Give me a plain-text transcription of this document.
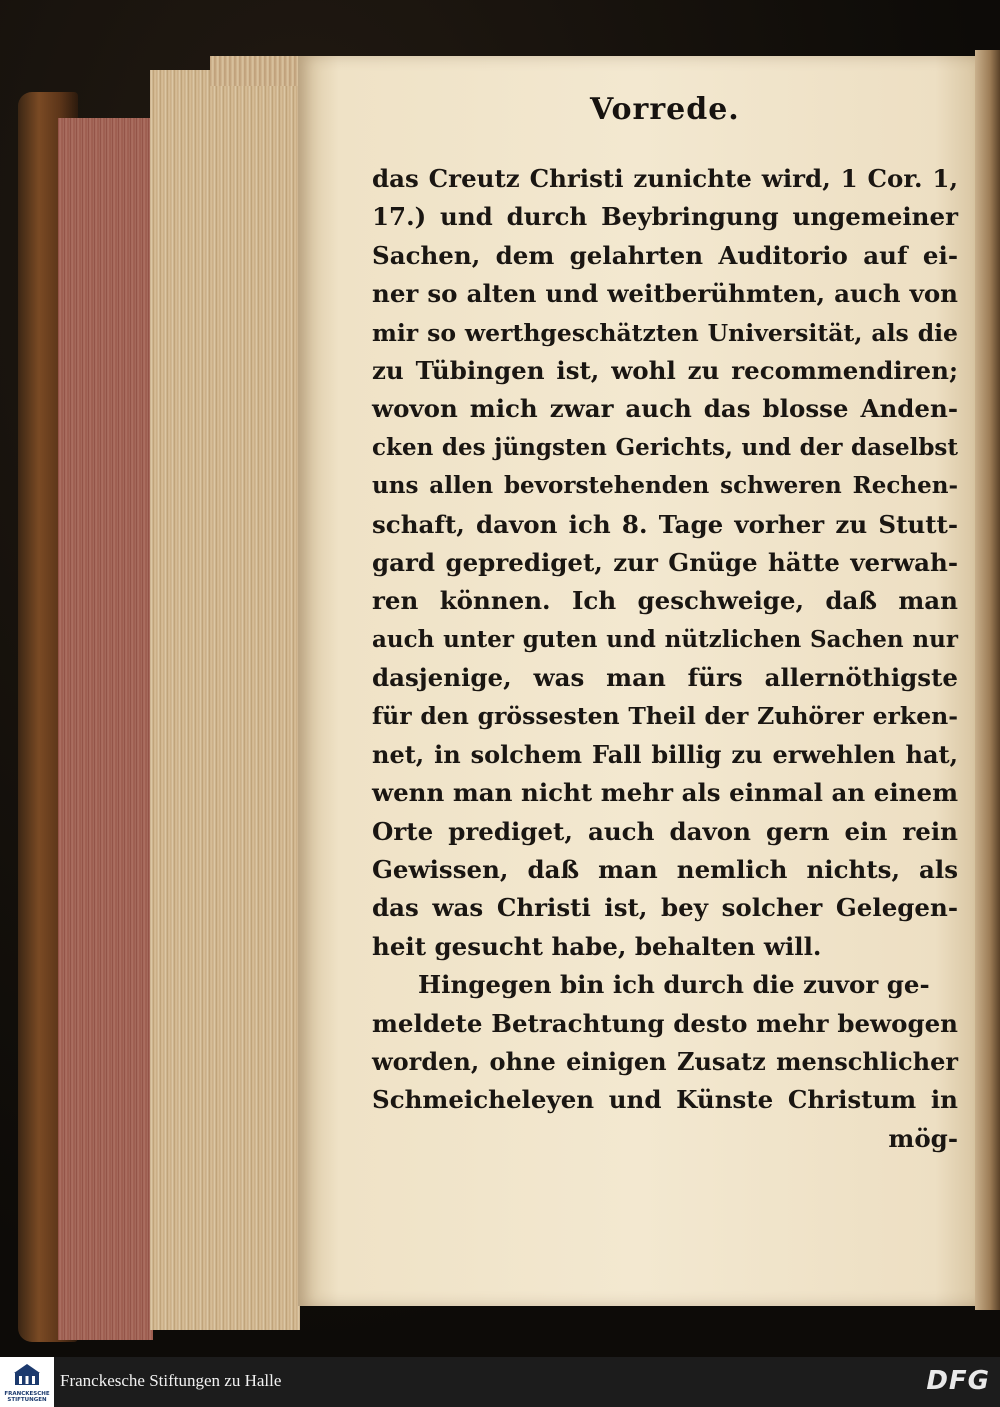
Vorrede.
das Creutz Christi zunichte wird, 1 Cor. 1,
17.) und durch Beybringung ungemeiner
Sachen, dem gelahrten Auditorio auf ei-
ner so alten und weitberühmten, auch von
mir so werthgeschätzten Universität, als die
zu Tübingen ist, wohl zu recommendiren;
wovon mich zwar auch das blosse Anden-
cken des jüngsten Gerichts, und der daselbst
uns allen bevorstehenden schweren Rechen-
schaft, davon ich 8. Tage vorher zu Stutt-
gard geprediget, zur Gnüge hätte verwah-
ren können. Ich geschweige, daß man
auch unter guten und nützlichen Sachen nur
dasjenige, was man fürs allernöthigste
für den grössesten Theil der Zuhörer erken-
net, in solchem Fall billig zu erwehlen hat,
wenn man nicht mehr als einmal an einem
Orte prediget, auch davon gern ein rein
Gewissen, daß man nemlich nichts, als
das was Christi ist, bey solcher Gelegen-
heit gesucht habe, behalten will.
Hingegen bin ich durch die zuvor ge-
meldete Betrachtung desto mehr bewogen
worden, ohne einigen Zusatz menschlicher
Schmeicheleyen und Künste Christum in
mög-
FRANCKESCHE STIFTUNGEN
Franckesche Stiftungen zu Halle	DFG
